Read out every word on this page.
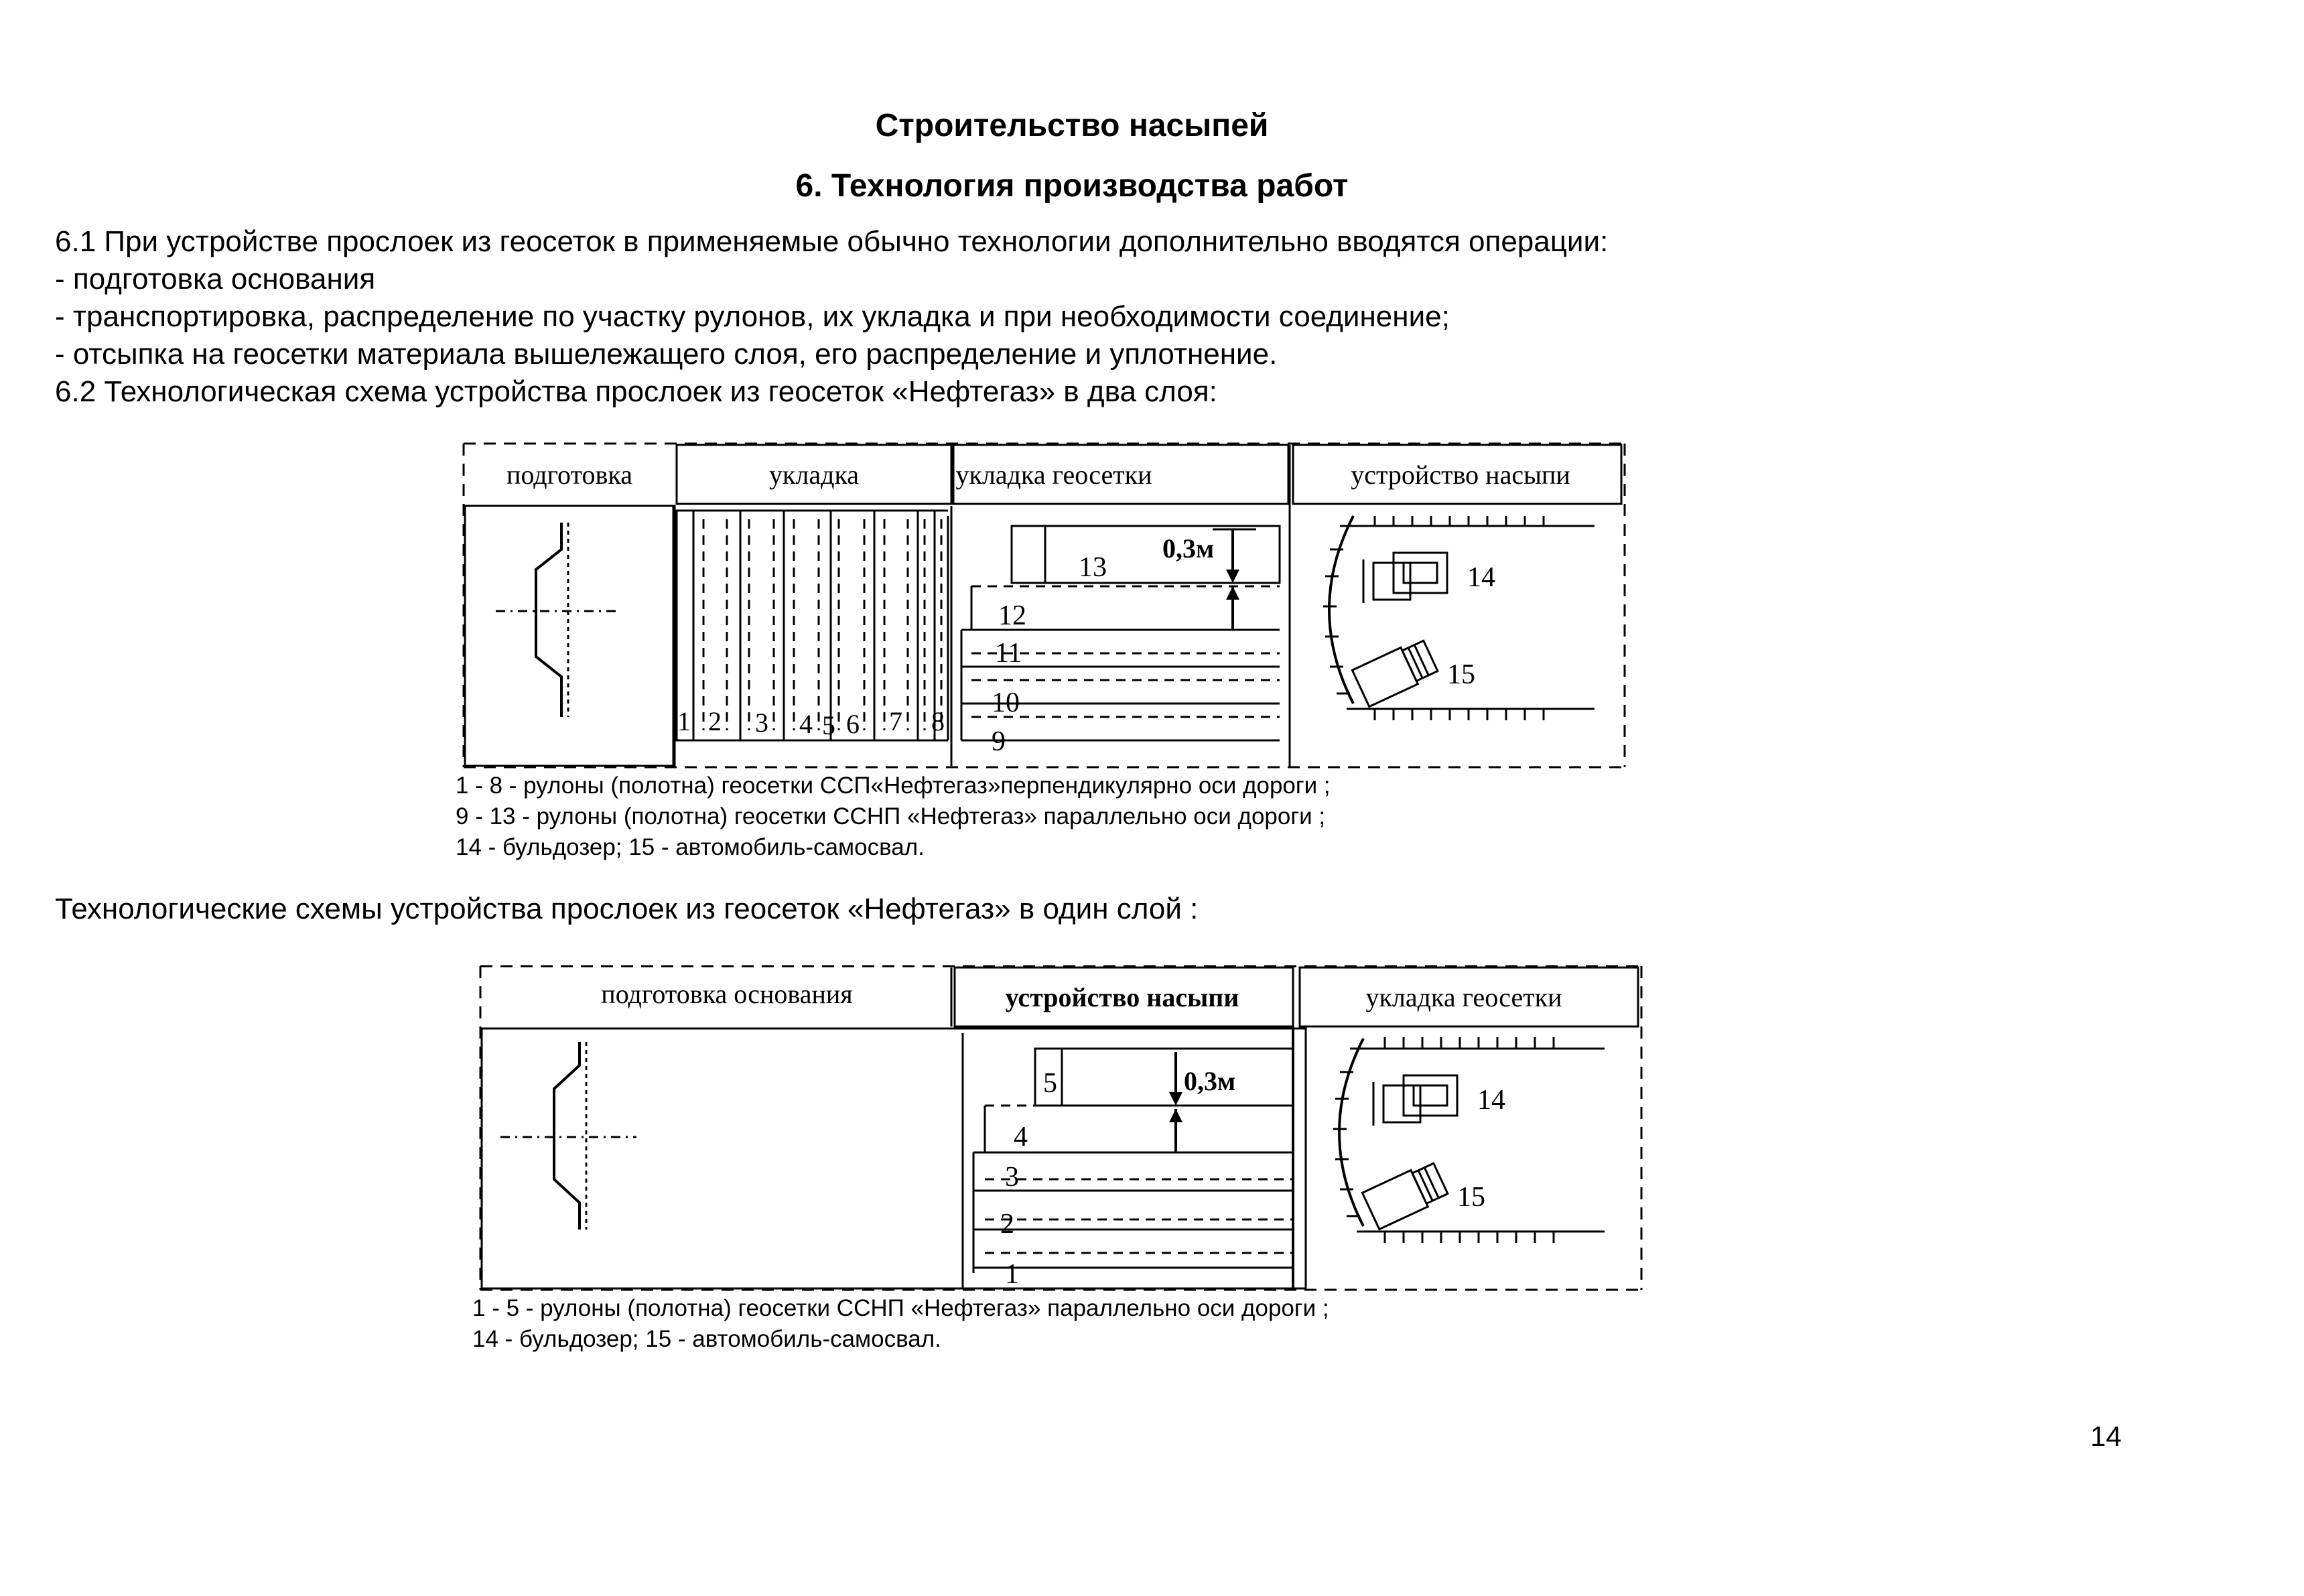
Строительство насыпей
6. Технология производства работ
6.1 При устройстве прослоек из геосеток в применяемые обычно технологии дополнительно вводятся операции:
- подготовка основания
- транспортировка, распределение по участку рулонов, их укладка и при необходимости соединение;
- отсыпка на геосетки материала вышележащего слоя, его распределение и уплотнение.
6.2 Технологическая схема устройства прослоек из геосеток «Нефтегаз» в два слоя:
подготовка	укладка	укладка геосетки	устройство насыпи
1 2 3 4 5 6 7 8
9
10
11
12
13
0,3м
14
15
1 - 8 - рулоны (полотна) геосетки ССП«Нефтегаз»перпендикулярно оси дороги ;
9 - 13 - рулоны (полотна) геосетки ССНП «Нефтегаз» параллельно оси дороги ;
14 - бульдозер; 15 - автомобиль-самосвал.
Технологические схемы устройства прослоек из геосеток «Нефтегаз» в один слой :
подготовка основания	устройство насыпи	укладка геосетки
1
2
3
4
5	0,3м
14
15
1 - 5 - рулоны (полотна) геосетки ССНП «Нефтегаз» параллельно оси дороги ;
14 - бульдозер; 15 - автомобиль-самосвал.
14
